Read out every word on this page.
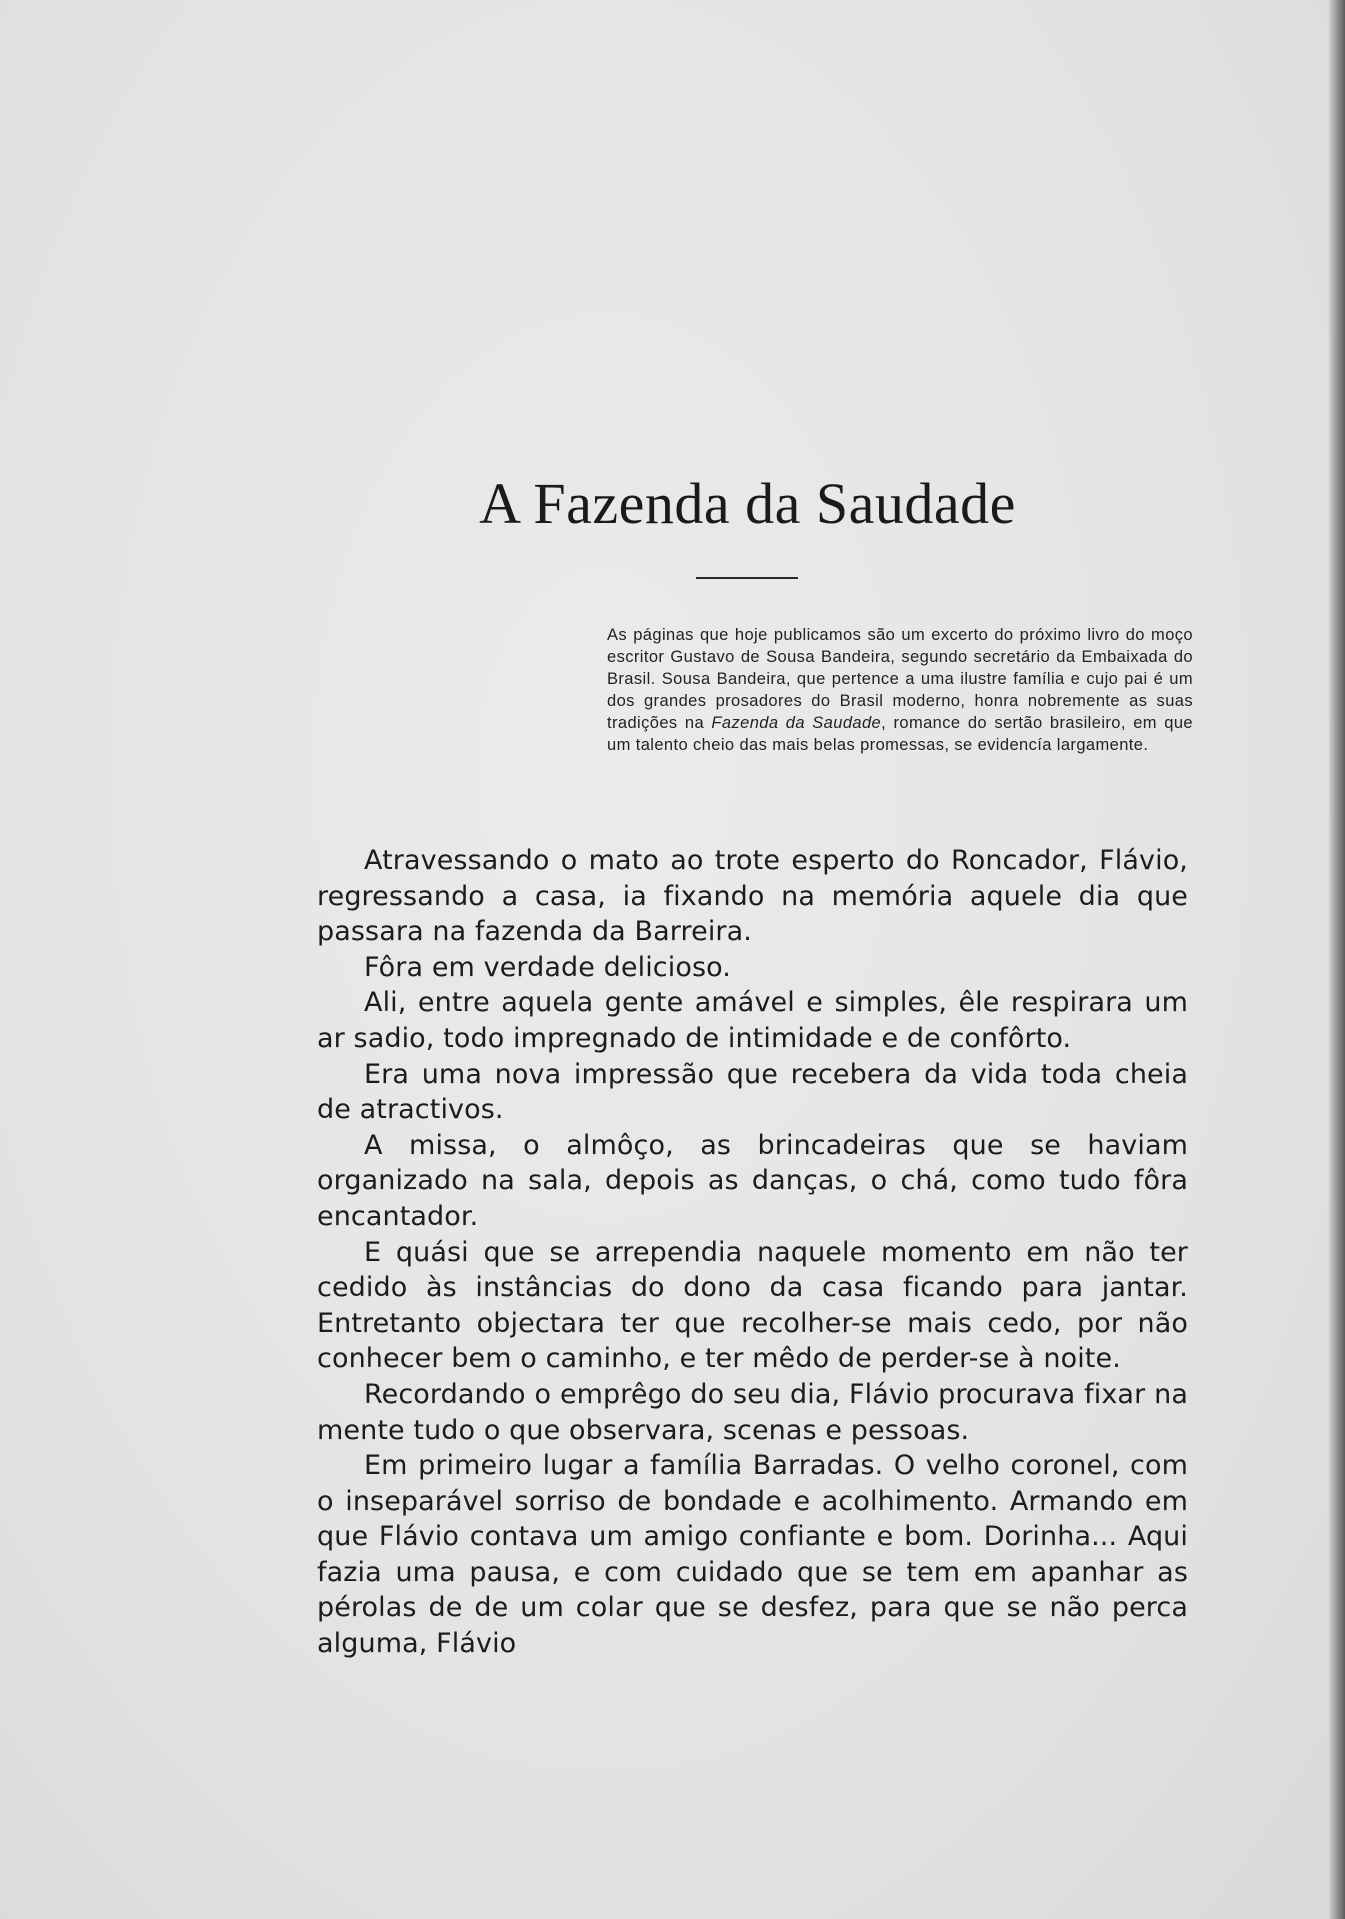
A Fazenda da Saudade

As páginas que hoje publicamos são um excerto do próximo livro do moço escritor Gustavo de Sousa Bandeira, segundo secretário da Embaixada do Brasil. Sousa Bandeira, que pertence a uma ilustre família e cujo pai é um dos grandes prosadores do Brasil moderno, honra nobremente as suas tradições na Fazenda da Saudade, romance do sertão brasileiro, em que um talento cheio das mais belas promessas, se evidencía largamente.

Atravessando o mato ao trote esperto do Roncador, Flávio, regressando a casa, ia fixando na memória aquele dia que passara na fazenda da Barreira.

Fôra em verdade delicioso.

Ali, entre aquela gente amável e simples, êle respirara um ar sadio, todo impregnado de intimidade e de confôrto.

Era uma nova impressão que recebera da vida toda cheia de atractivos.

A missa, o almôço, as brincadeiras que se haviam organizado na sala, depois as danças, o chá, como tudo fôra encantador.

E quási que se arrependia naquele momento em não ter cedido às instâncias do dono da casa ficando para jantar. Entretanto objectara ter que recolher-se mais cedo, por não conhecer bem o caminho, e ter mêdo de perder-se à noite.

Recordando o emprêgo do seu dia, Flávio procurava fixar na mente tudo o que observara, scenas e pessoas.

Em primeiro lugar a família Barradas. O velho coronel, com o inseparável sorriso de bondade e acolhimento. Armando em que Flávio contava um amigo confiante e bom. Dorinha... Aqui fazia uma pausa, e com cuidado que se tem em apanhar as pérolas de de um colar que se desfez, para que se não perca alguma, Flávio
